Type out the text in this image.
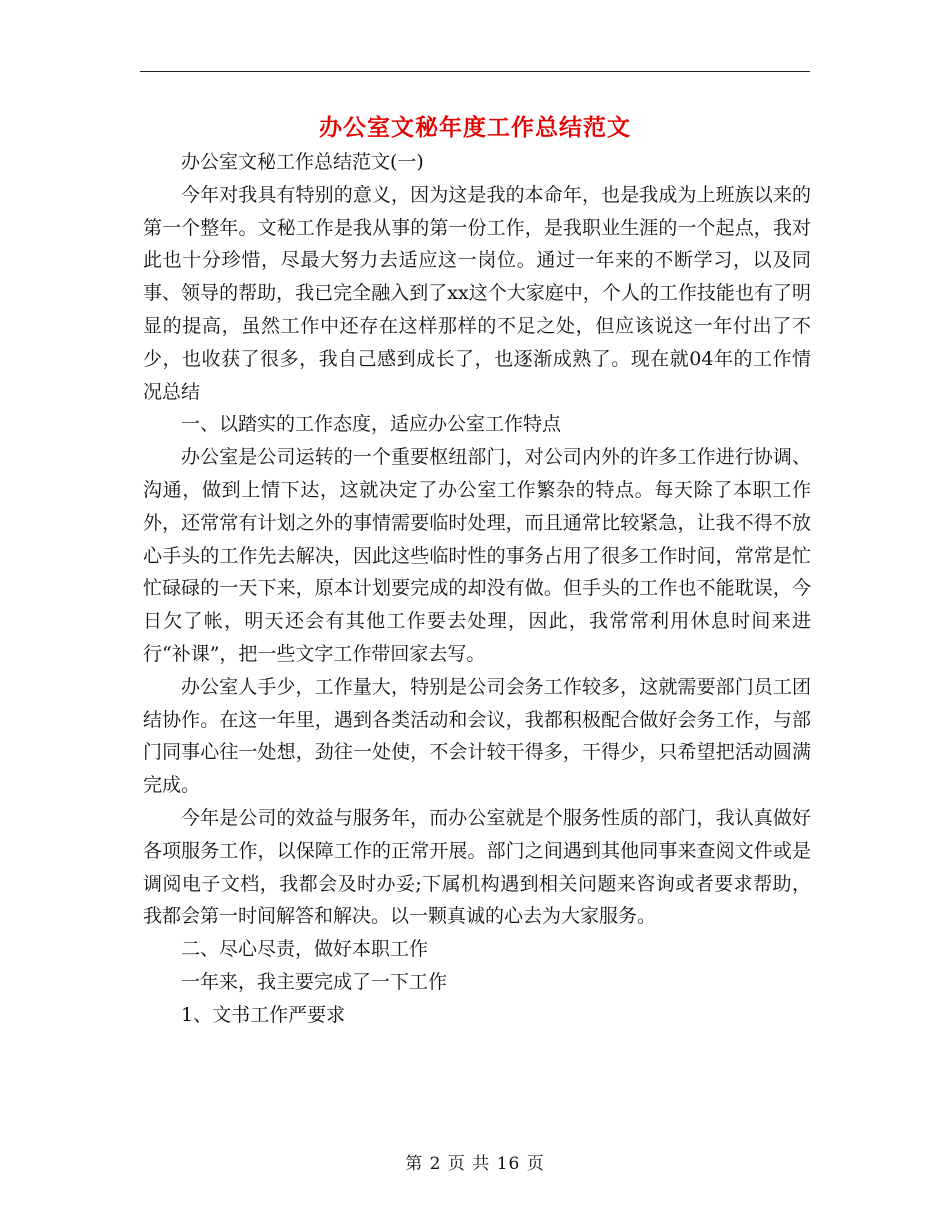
办公室文秘年度工作总结范文

办公室文秘工作总结范文(一)

今年对我具有特别的意义，因为这是我的本命年，也是我成为上班族以来的第一个整年。文秘工作是我从事的第一份工作，是我职业生涯的一个起点，我对此也十分珍惜，尽最大努力去适应这一岗位。通过一年来的不断学习，以及同事、领导的帮助，我已完全融入到了xx这个大家庭中，个人的工作技能也有了明显的提高，虽然工作中还存在这样那样的不足之处，但应该说这一年付出了不少，也收获了很多，我自己感到成长了，也逐渐成熟了。现在就04年的工作情况总结

一、以踏实的工作态度，适应办公室工作特点

办公室是公司运转的一个重要枢纽部门，对公司内外的许多工作进行协调、沟通，做到上情下达，这就决定了办公室工作繁杂的特点。每天除了本职工作外，还常常有计划之外的事情需要临时处理，而且通常比较紧急，让我不得不放心手头的工作先去解决，因此这些临时性的事务占用了很多工作时间，常常是忙忙碌碌的一天下来，原本计划要完成的却没有做。但手头的工作也不能耽误，今日欠了帐，明天还会有其他工作要去处理，因此，我常常利用休息时间来进行“补课”，把一些文字工作带回家去写。

办公室人手少，工作量大，特别是公司会务工作较多，这就需要部门员工团结协作。在这一年里，遇到各类活动和会议，我都积极配合做好会务工作，与部门同事心往一处想，劲往一处使，不会计较干得多，干得少，只希望把活动圆满完成。

今年是公司的效益与服务年，而办公室就是个服务性质的部门，我认真做好各项服务工作，以保障工作的正常开展。部门之间遇到其他同事来查阅文件或是调阅电子文档，我都会及时办妥;下属机构遇到相关问题来咨询或者要求帮助，我都会第一时间解答和解决。以一颗真诚的心去为大家服务。

二、尽心尽责，做好本职工作

一年来，我主要完成了一下工作

1、文书工作严要求

第 2 页 共 16 页
